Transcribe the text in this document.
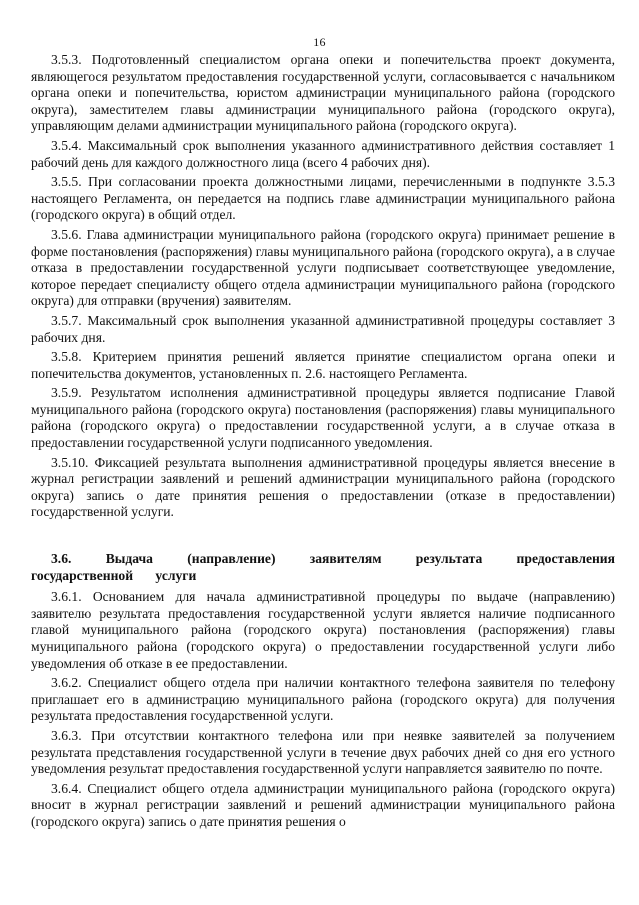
16

3.5.3. Подготовленный специалистом органа опеки и попечительства проект документа, являющегося результатом предоставления государственной услуги, согласовывается с начальником органа опеки и попечительства, юристом администрации муниципального района (городского округа), заместителем главы администрации муниципального района (городского округа), управляющим делами администрации муниципального района (городского округа).

3.5.4. Максимальный срок выполнения указанного административного действия составляет 1 рабочий день для каждого должностного лица (всего 4 рабочих дня).

3.5.5. При согласовании проекта должностными лицами, перечисленными в подпункте 3.5.3 настоящего Регламента, он передается на подпись главе администрации муниципального района (городского округа) в общий отдел.

3.5.6. Глава администрации муниципального района (городского округа) принимает решение в форме постановления (распоряжения) главы муниципального района (городского округа), а в случае отказа в предоставлении государственной услуги подписывает соответствующее уведомление, которое передает специалисту общего отдела администрации муниципального района (городского округа) для отправки (вручения) заявителям.

3.5.7. Максимальный срок выполнения указанной административной процедуры составляет 3 рабочих дня.

3.5.8. Критерием принятия решений является принятие специалистом органа опеки и попечительства документов, установленных п. 2.6. настоящего Регламента.

3.5.9. Результатом исполнения административной процедуры является подписание Главой муниципального района (городского округа) постановления (распоряжения) главы муниципального района (городского округа) о предоставлении государственной услуги, а в случае отказа в предоставлении государственной услуги подписанного уведомления.

3.5.10. Фиксацией результата выполнения административной процедуры является внесение в журнал регистрации заявлений и решений администрации муниципального района (городского округа) запись о дате принятия решения о предоставлении (отказе в предоставлении) государственной услуги.

3.6. Выдача (направление) заявителям результата предоставления государственной услуги

3.6.1. Основанием для начала административной процедуры по выдаче (направлению) заявителю результата предоставления государственной услуги является наличие подписанного главой муниципального района (городского округа) постановления (распоряжения) главы муниципального района (городского округа) о предоставлении государственной услуги либо уведомления об отказе в ее предоставлении.

3.6.2. Специалист общего отдела при наличии контактного телефона заявителя по телефону приглашает его в администрацию муниципального района (городского округа) для получения результата предоставления государственной услуги.

3.6.3. При отсутствии контактного телефона или при неявке заявителей за получением результата представления государственной услуги в течение двух рабочих дней со дня его устного уведомления результат предоставления государственной услуги направляется заявителю по почте.

3.6.4. Специалист общего отдела администрации муниципального района (городского округа) вносит в журнал регистрации заявлений и решений администрации муниципального района (городского округа) запись о дате принятия решения о
